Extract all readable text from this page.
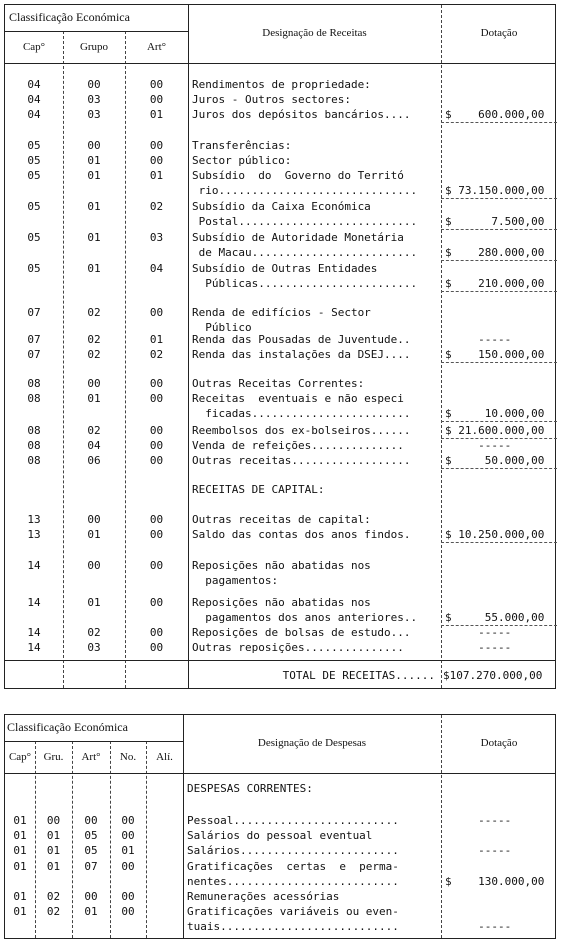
Classificação Económica
Cap°	Grupo	Art°
Designação de Receitas	Dotação
04	00	00	Rendimentos de propriedade:
04	03	00	Juros - Outros sectores:
04	03	01	Juros dos depósitos bancários....	$    600.000,00
05	00	00	Transferências:
05	01	00	Sector público:
05	01	01	Subsídio  do  Governo do Territó
rio..............................	$ 73.150.000,00
05	01	02	Subsídio da Caixa Económica
Postal...........................	$      7.500,00
05	01	03	Subsídio de Autoridade Monetária
de Macau.........................	$    280.000,00
05	01	04	Subsídio de Outras Entidades
Públicas........................	$    210.000,00
07	02	00	Renda de edifícios - Sector
Público
07	02	01	Renda das Pousadas de Juventude..	-----
07	02	02	Renda das instalações da DSEJ....	$    150.000,00
08	00	00	Outras Receitas Correntes:
08	01	00	Receitas  eventuais e não especi
ficadas........................	$     10.000,00
08	02	00	Reembolsos dos ex-bolseiros......	$ 21.600.000,00
08	04	00	Venda de refeições..............	-----
08	06	00	Outras receitas..................	$     50.000,00
RECEITAS DE CAPITAL:
13	00	00	Outras receitas de capital:
13	01	00	Saldo das contas dos anos findos.	$ 10.250.000,00
14	00	00	Reposições não abatidas nos
pagamentos:
14	01	00	Reposições não abatidas nos
pagamentos dos anos anteriores..	$     55.000,00
14	02	00	Reposições de bolsas de estudo...	-----
14	03	00	Outras reposições...............	-----
TOTAL DE RECEITAS...... $107.270.000,00
Classificação Económica
Cap°	Gru.	Art°	No.	Alí.
Designação de Despesas	Dotação
DESPESAS CORRENTES:
01	00	00	00	Pessoal.........................	-----
01	01	05	00	Salários do pessoal eventual
01	01	05	01	Salários........................	-----
01	01	07	00	Gratificações  certas  e  perma-
nentes..........................	$    130.000,00
01	02	00	00	Remunerações acessórias
01	02	01	00	Gratificações variáveis ou even-
tuais...........................	-----
